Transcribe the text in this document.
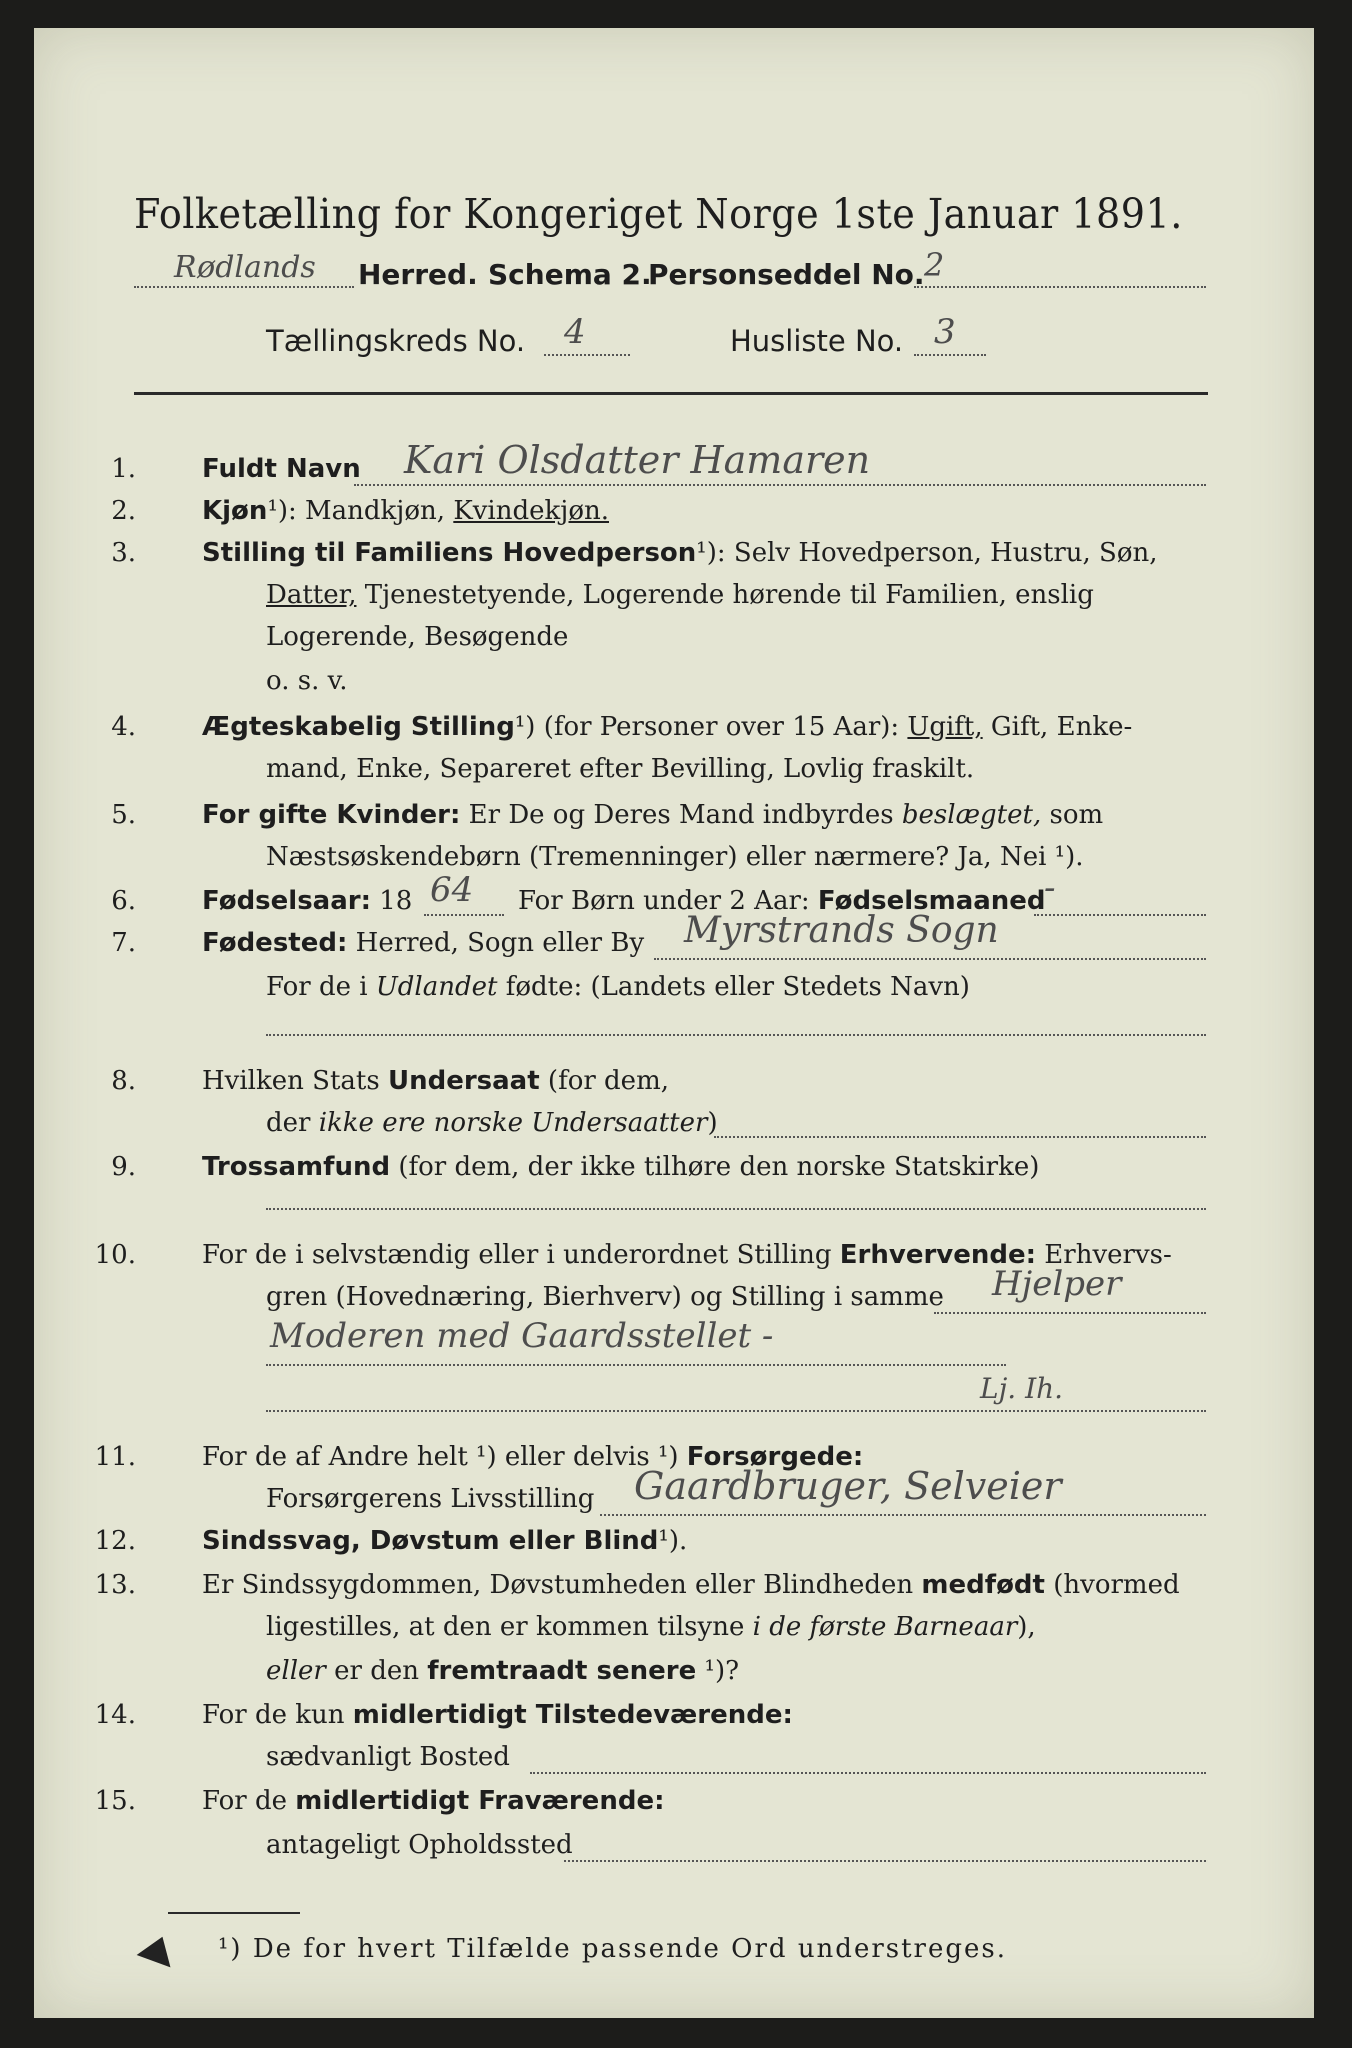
Folketælling for Kongeriget Norge 1ste Januar 1891.
Rødlands Herred. Schema 2.
Personseddel No. 2
Tællingskreds No. 4	Husliste No. 3
1.	Fuldt Navn Kari Olsdatter Hamaren
2.	Kjøn¹): Mandkjøn, Kvindekjøn.
3.	Stilling til Familiens Hovedperson¹): Selv Hovedperson, Hustru, Søn,
Datter, Tjenestetyende, Logerende hørende til Familien, enslig
Logerende, Besøgende
o. s. v.
4.	Ægteskabelig Stilling¹) (for Personer over 15 Aar): Ugift, Gift, Enke-
mand, Enke, Separeret efter Bevilling, Lovlig fraskilt.
5.	For gifte Kvinder: Er De og Deres Mand indbyrdes beslægtet, som
Næstsøskendebørn (Tremenninger) eller nærmere? Ja, Nei ¹).
6.	Fødselsaar: 18 64 For Børn under 2 Aar: Fødselsmaaned
-
7.	Fødested: Herred, Sogn eller By Myrstrands Sogn
For de i Udlandet fødte: (Landets eller Stedets Navn)
8.	Hvilken Stats Undersaat (for dem,
der ikke ere norske Undersaatter)
9.	Trossamfund (for dem, der ikke tilhøre den norske Statskirke)
10.	For de i selvstændig eller i underordnet Stilling Erhvervende: Erhvervs-
gren (Hovednæring, Bierhverv) og Stilling i samme Hjelper
Moderen med Gaardsstellet -
Lj. Ih.
11.	For de af Andre helt ¹) eller delvis ¹) Forsørgede:
Forsørgerens Livsstilling Gaardbruger, Selveier
12.	Sindssvag, Døvstum eller Blind¹).
13.	Er Sindssygdommen, Døvstumheden eller Blindheden medfødt (hvormed
ligestilles, at den er kommen tilsyne i de første Barneaar),
eller er den fremtraadt senere ¹)?
14.	For de kun midlertidigt Tilstedeværende:
sædvanligt Bosted
15.	For de midlertidigt Fraværende:
antageligt Opholdssted
¹) De for hvert Tilfælde passende Ord understreges.
